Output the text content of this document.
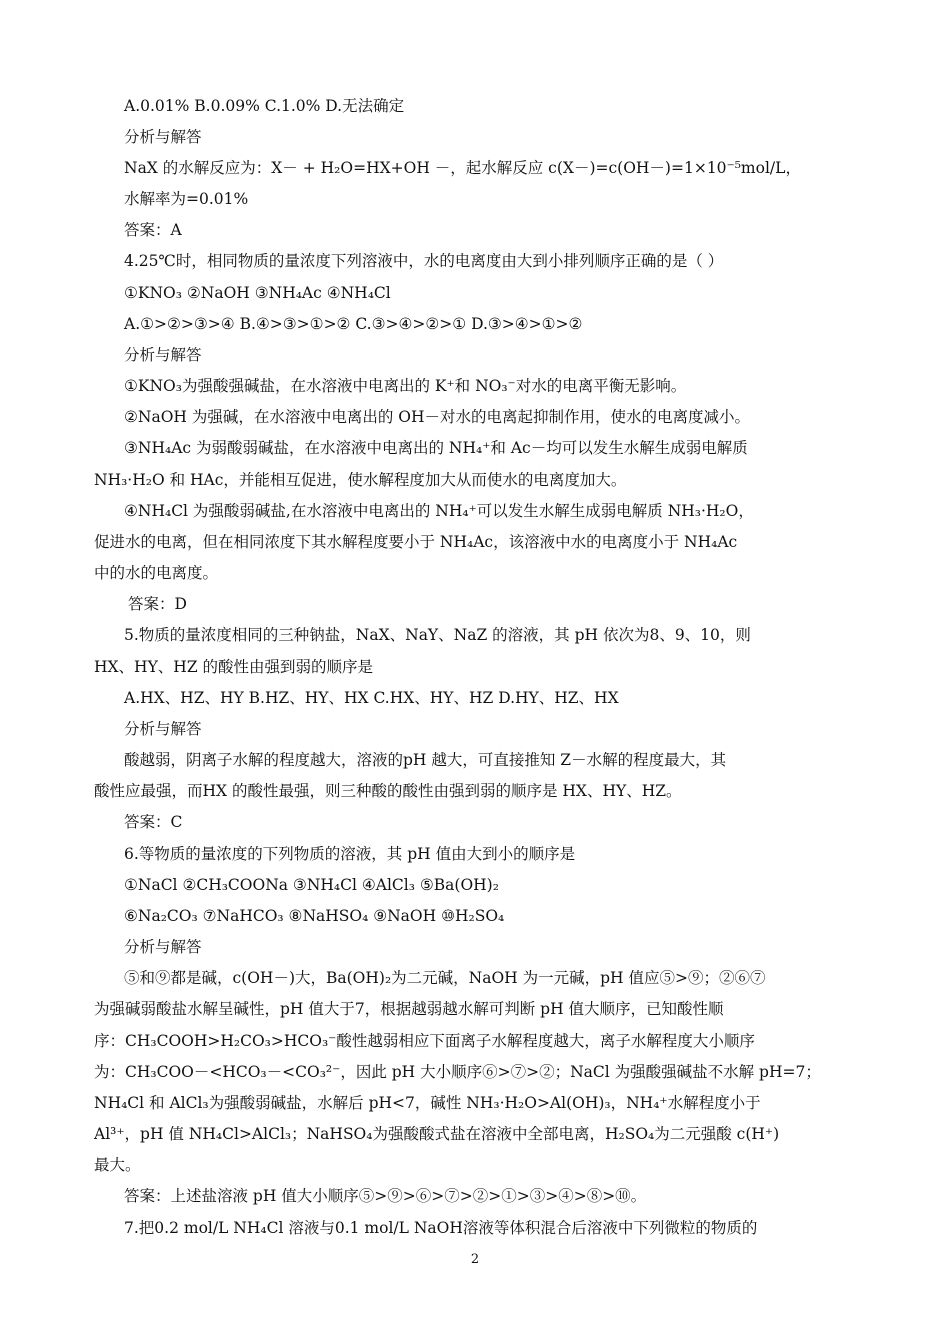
A.0.01% B.0.09% C.1.0% D.无法确定
分析与解答
NaX 的水解反应为：X－ + H₂O=HX+OH －，起水解反应 c(X－)=c(OH－)=1×10⁻⁵mol/L，
水解率为=0.01%
答案：A
4.25℃时，相同物质的量浓度下列溶液中，水的电离度由大到小排列顺序正确的是（ ）
①KNO₃ ②NaOH ③NH₄Ac ④NH₄Cl
A.①>②>③>④ B.④>③>①>② C.③>④>②>① D.③>④>①>②
分析与解答
①KNO₃为强酸强碱盐，在水溶液中电离出的 K⁺和 NO₃⁻对水的电离平衡无影响。
②NaOH 为强碱，在水溶液中电离出的 OH－对水的电离起抑制作用，使水的电离度减小。
③NH₄Ac 为弱酸弱碱盐，在水溶液中电离出的 NH₄⁺和 Ac－均可以发生水解生成弱电解质
NH₃·H₂O 和 HAc，并能相互促进，使水解程度加大从而使水的电离度加大。
④NH₄Cl 为强酸弱碱盐,在水溶液中电离出的 NH₄⁺可以发生水解生成弱电解质 NH₃·H₂O，
促进水的电离，但在相同浓度下其水解程度要小于 NH₄Ac，该溶液中水的电离度小于 NH₄Ac
中的水的电离度。
答案：D
5.物质的量浓度相同的三种钠盐，NaX、NaY、NaZ 的溶液，其 pH 依次为8、9、10，则
HX、HY、HZ 的酸性由强到弱的顺序是
A.HX、HZ、HY B.HZ、HY、HX C.HX、HY、HZ D.HY、HZ、HX
分析与解答
酸越弱，阴离子水解的程度越大，溶液的pH 越大，可直接推知 Z－水解的程度最大，其
酸性应最强，而HX 的酸性最强，则三种酸的酸性由强到弱的顺序是 HX、HY、HZ。
答案：C
6.等物质的量浓度的下列物质的溶液，其 pH 值由大到小的顺序是
①NaCl ②CH₃COONa ③NH₄Cl ④AlCl₃ ⑤Ba(OH)₂
⑥Na₂CO₃ ⑦NaHCO₃ ⑧NaHSO₄ ⑨NaOH ⑩H₂SO₄
分析与解答
⑤和⑨都是碱，c(OH－)大，Ba(OH)₂为二元碱，NaOH 为一元碱，pH 值应⑤>⑨；②⑥⑦
为强碱弱酸盐水解呈碱性，pH 值大于7，根据越弱越水解可判断 pH 值大顺序，已知酸性顺
序：CH₃COOH>H₂CO₃>HCO₃⁻酸性越弱相应下面离子水解程度越大，离子水解程度大小顺序
为：CH₃COO－<HCO₃－<CO₃²⁻，因此 pH 大小顺序⑥>⑦>②；NaCl 为强酸强碱盐不水解 pH=7；
NH₄Cl 和 AlCl₃为强酸弱碱盐，水解后 pH<7，碱性 NH₃·H₂O>Al(OH)₃，NH₄⁺水解程度小于
Al³⁺，pH 值 NH₄Cl>AlCl₃；NaHSO₄为强酸酸式盐在溶液中全部电离，H₂SO₄为二元强酸 c(H⁺)
最大。
答案：上述盐溶液 pH 值大小顺序⑤>⑨>⑥>⑦>②>①>③>④>⑧>⑩。
7.把0.2 mol/L NH₄Cl 溶液与0.1 mol/L NaOH溶液等体积混合后溶液中下列微粒的物质的
2
